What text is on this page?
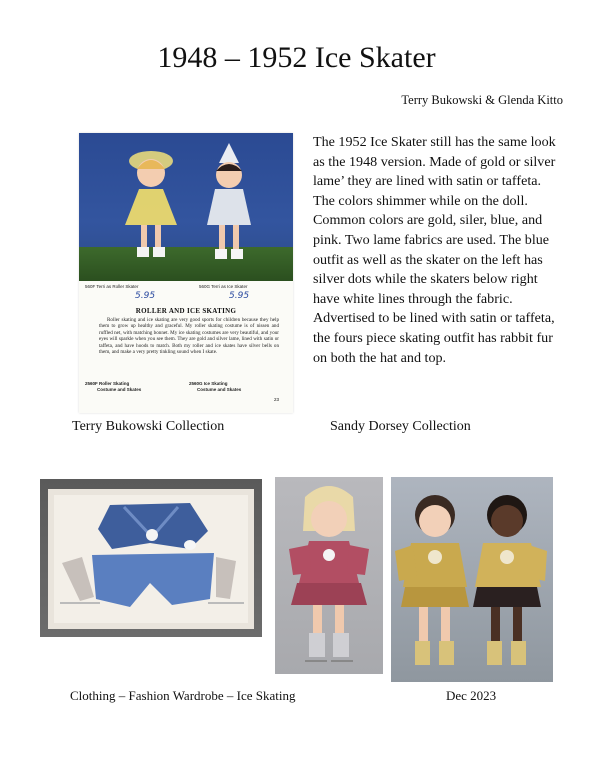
1948 – 1952 Ice Skater
Terry Bukowski & Glenda Kitto
560F Terri as Roller Skater	560G Terri as Ice Skater
5.95	5.95
ROLLER AND ICE SKATING
Roller skating and ice skating are very good sports for children because they help them to grow up healthy and graceful. My roller skating costume is of nissen and ruffled net, with matching bonnet. My ice skating costumes are very beautiful, and your eyes will sparkle when you see them. They are gold and silver lame, lined with satin or taffeta, and have hoods to match. Both my roller and ice skates have silver bells on them, and make a very pretty tinkling sound when I skate.
2560F Roller Skating
Costume and Skates
2560G Ice Skating
Costume and Skates
23
The 1952 Ice Skater still has the same look as the 1948 version. Made of gold or silver lame’ they are lined with satin or taffeta. The colors shimmer while on the doll. Common colors are gold, siler, blue, and pink. Two lame fabrics are used. The blue outfit as well as the skater on the left has silver dots while the skaters below right have white lines through the fabric. Advertised to be lined with satin or taffeta, the fours piece skating outfit has rabbit fur on both the hat and top.
Terry Bukowski Collection	Sandy Dorsey Collection
Clothing – Fashion Wardrobe – Ice Skating	Dec 2023
